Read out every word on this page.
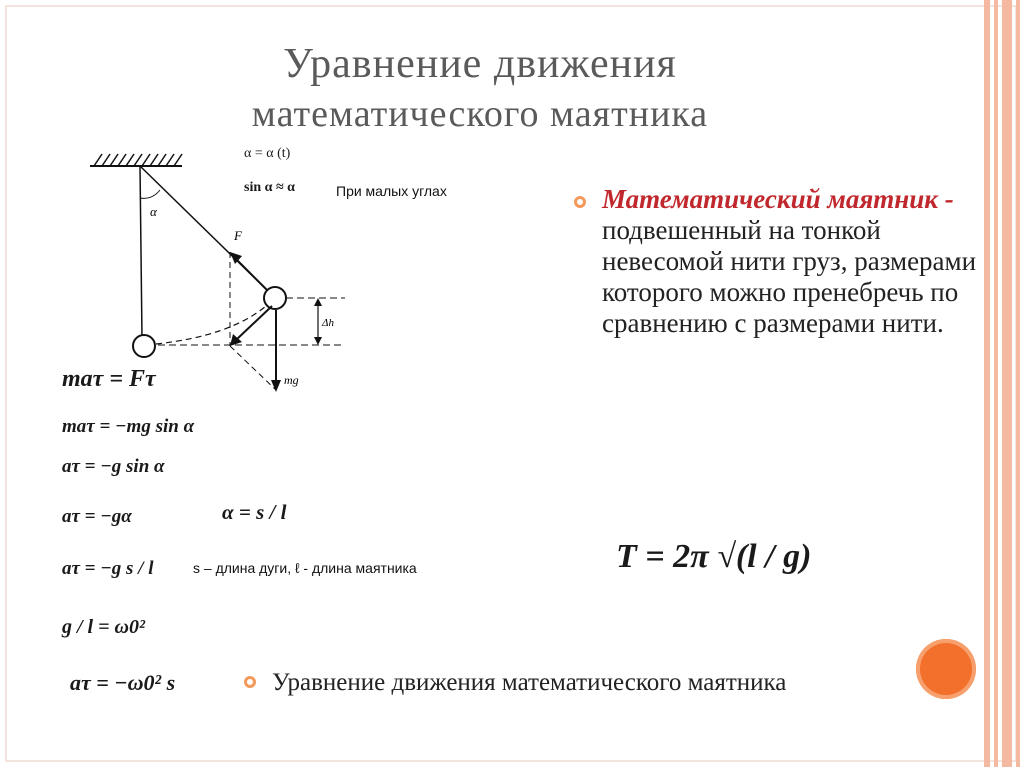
Уравнение движения
математического маятника
α
F
Δh
mg
α = α (t)
sin α ≈ α	При малых углах
maτ = Fτ
maτ = −mg sin α
aτ = −g sin α
aτ = −gα	α = s / l
aτ = −g s / l	s – длина дуги, ℓ - длина маятника
g / l = ω0²
aτ = −ω0² s
Математический маятник -
подвешенный на тонкой невесомой нити груз, размерами которого можно пренебречь по сравнению с размерами нити.
T = 2π √(l / g)
Уравнение движения математического маятника
